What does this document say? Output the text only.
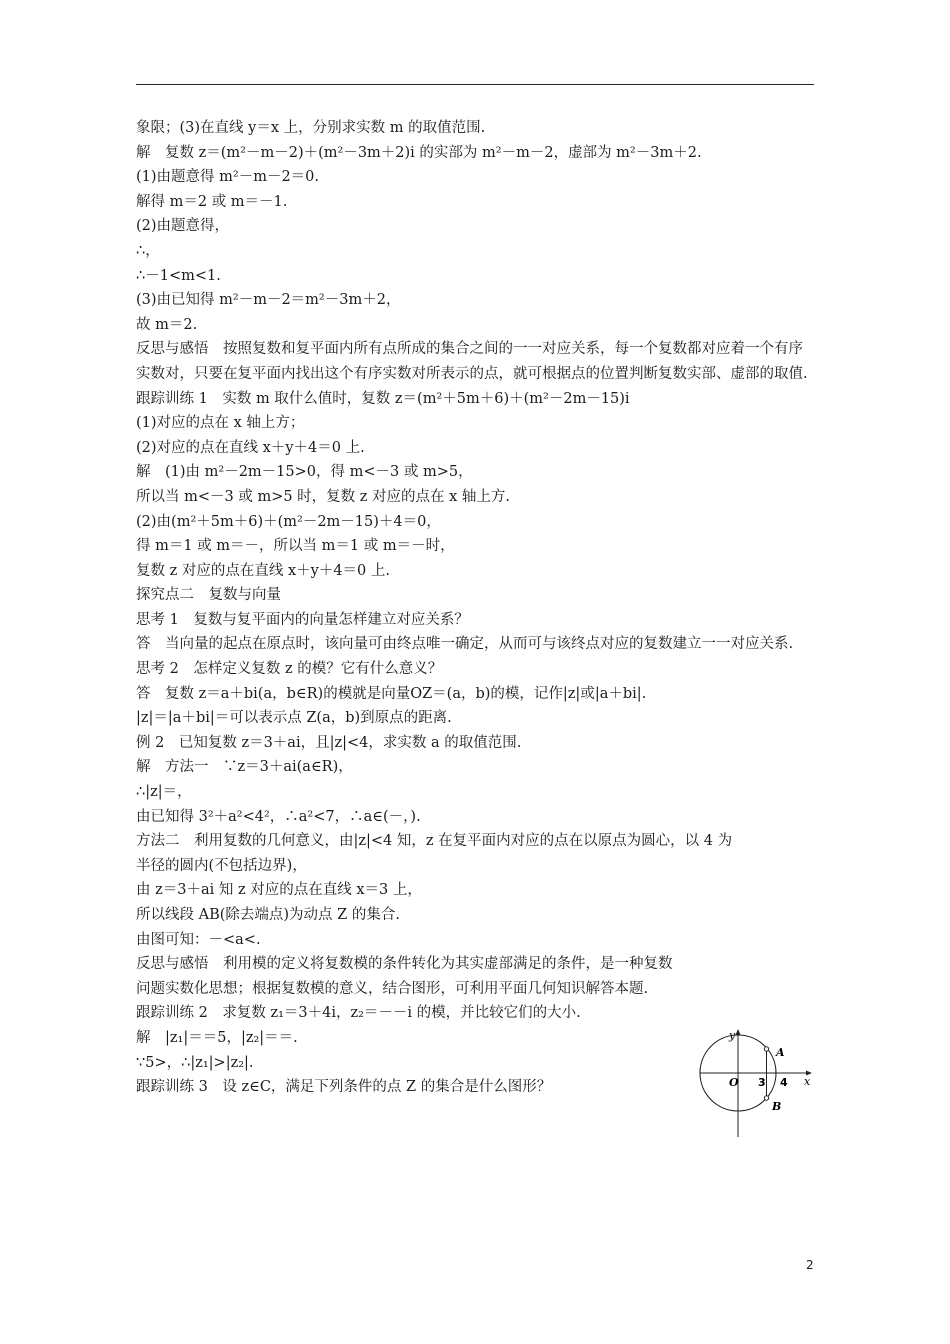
象限；(3)在直线 y＝x 上，分别求实数 m 的取值范围.
解　复数 z＝(m²－m－2)＋(m²－3m＋2)i 的实部为 m²－m－2，虚部为 m²－3m＋2.
(1)由题意得 m²－m－2＝0.
解得 m＝2 或 m＝－1.
(2)由题意得，
∴，
∴－1<m<1.
(3)由已知得 m²－m－2＝m²－3m＋2，
故 m＝2.
反思与感悟　按照复数和复平面内所有点所成的集合之间的一一对应关系，每一个复数都对应着一个有序实数对，只要在复平面内找出这个有序实数对所表示的点，就可根据点的位置判断复数实部、虚部的取值.
跟踪训练 1　实数 m 取什么值时，复数 z＝(m²＋5m＋6)＋(m²－2m－15)i
(1)对应的点在 x 轴上方；
(2)对应的点在直线 x＋y＋4＝0 上.
解　(1)由 m²－2m－15>0，得 m<－3 或 m>5，
所以当 m<－3 或 m>5 时，复数 z 对应的点在 x 轴上方.
(2)由(m²＋5m＋6)＋(m²－2m－15)＋4＝0，
得 m＝1 或 m＝－，所以当 m＝1 或 m＝－时，
复数 z 对应的点在直线 x＋y＋4＝0 上.
探究点二　复数与向量
思考 1　复数与复平面内的向量怎样建立对应关系？
答　当向量的起点在原点时，该向量可由终点唯一确定，从而可与该终点对应的复数建立一一对应关系.
思考 2　怎样定义复数 z 的模？它有什么意义？
答　复数 z＝a＋bi(a，b∈R)的模就是向量OZ＝(a，b)的模，记作|z|或|a＋bi|.
|z|＝|a＋bi|＝可以表示点 Z(a，b)到原点的距离.
例 2　已知复数 z＝3＋ai，且|z|<4，求实数 a 的取值范围.
解　方法一　∵z＝3＋ai(a∈R)，
∴|z|＝，
由已知得 3²＋a²<4²，∴a²<7，∴a∈(－，).
方法二　利用复数的几何意义，由|z|<4 知，z 在复平面内对应的点在以原点为圆心，以 4 为
半径的圆内(不包括边界)，
由 z＝3＋ai 知 z 对应的点在直线 x＝3 上，
所以线段 AB(除去端点)为动点 Z 的集合.
由图可知：－<a<.
反思与感悟　利用模的定义将复数模的条件转化为其实虚部满足的条件，是一种复数问题实数化思想；根据复数模的意义，结合图形，可利用平面几何知识解答本题.
跟踪训练 2　求复数 z₁＝3＋4i，z₂＝－－i 的模，并比较它们的大小.
解　|z₁|＝＝5，|z₂|＝＝.
∵5>，∴|z₁|>|z₂|.
跟踪训练 3　设 z∈C，满足下列条件的点 Z 的集合是什么图形？
y
x
O 3 4
A
B
2
